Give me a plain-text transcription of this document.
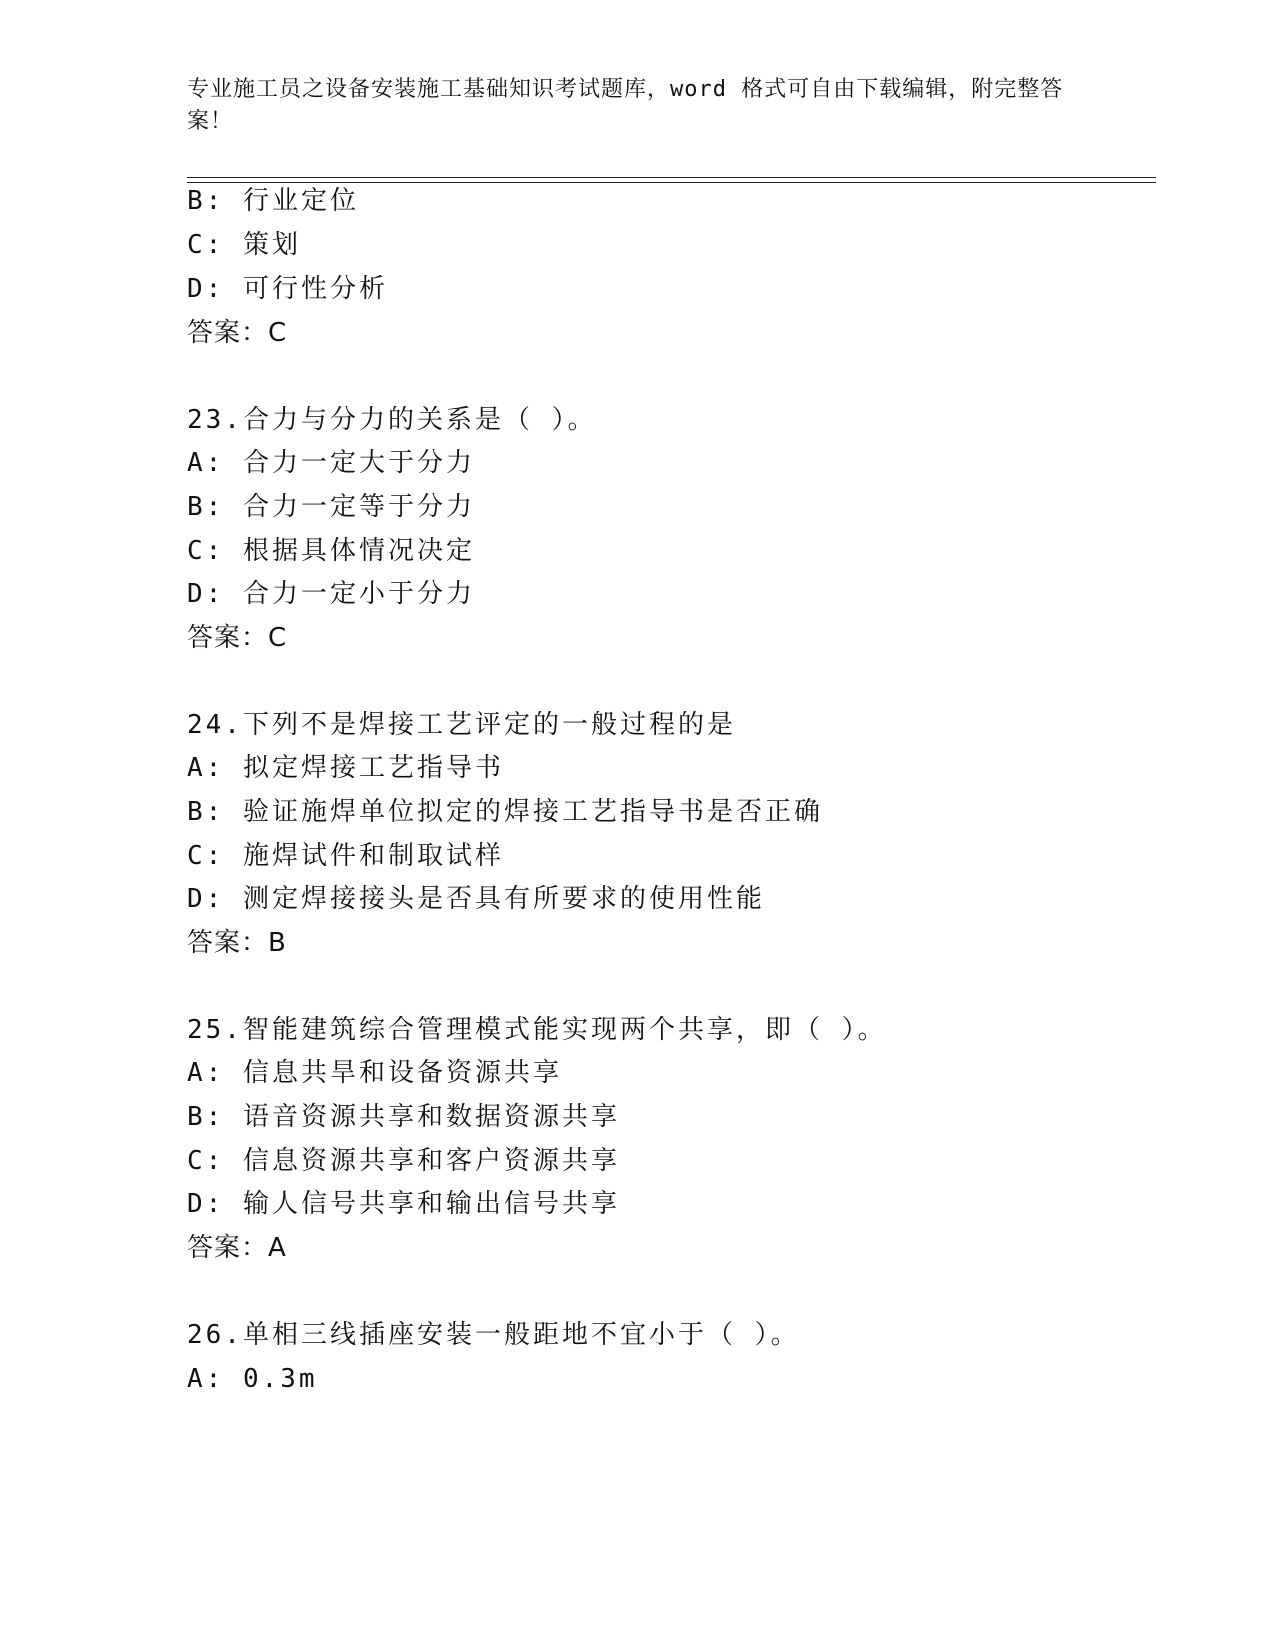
专业施工员之设备安装施工基础知识考试题库，word 格式可自由下载编辑，附完整答案！
B: 行业定位
C: 策划
D: 可行性分析
答案：C
23.合力与分力的关系是（ ）。
A: 合力一定大于分力
B: 合力一定等于分力
C: 根据具体情况决定
D: 合力一定小于分力
答案：C
24.下列不是焊接工艺评定的一般过程的是
A: 拟定焊接工艺指导书
B: 验证施焊单位拟定的焊接工艺指导书是否正确
C: 施焊试件和制取试样
D: 测定焊接接头是否具有所要求的使用性能
答案：B
25.智能建筑综合管理模式能实现两个共享，即（ ）。
A: 信息共旱和设备资源共享
B: 语音资源共享和数据资源共享
C: 信息资源共享和客户资源共享
D: 输人信号共享和输出信号共享
答案：A
26.单相三线插座安装一般距地不宜小于（ ）。
A: 0.3m
